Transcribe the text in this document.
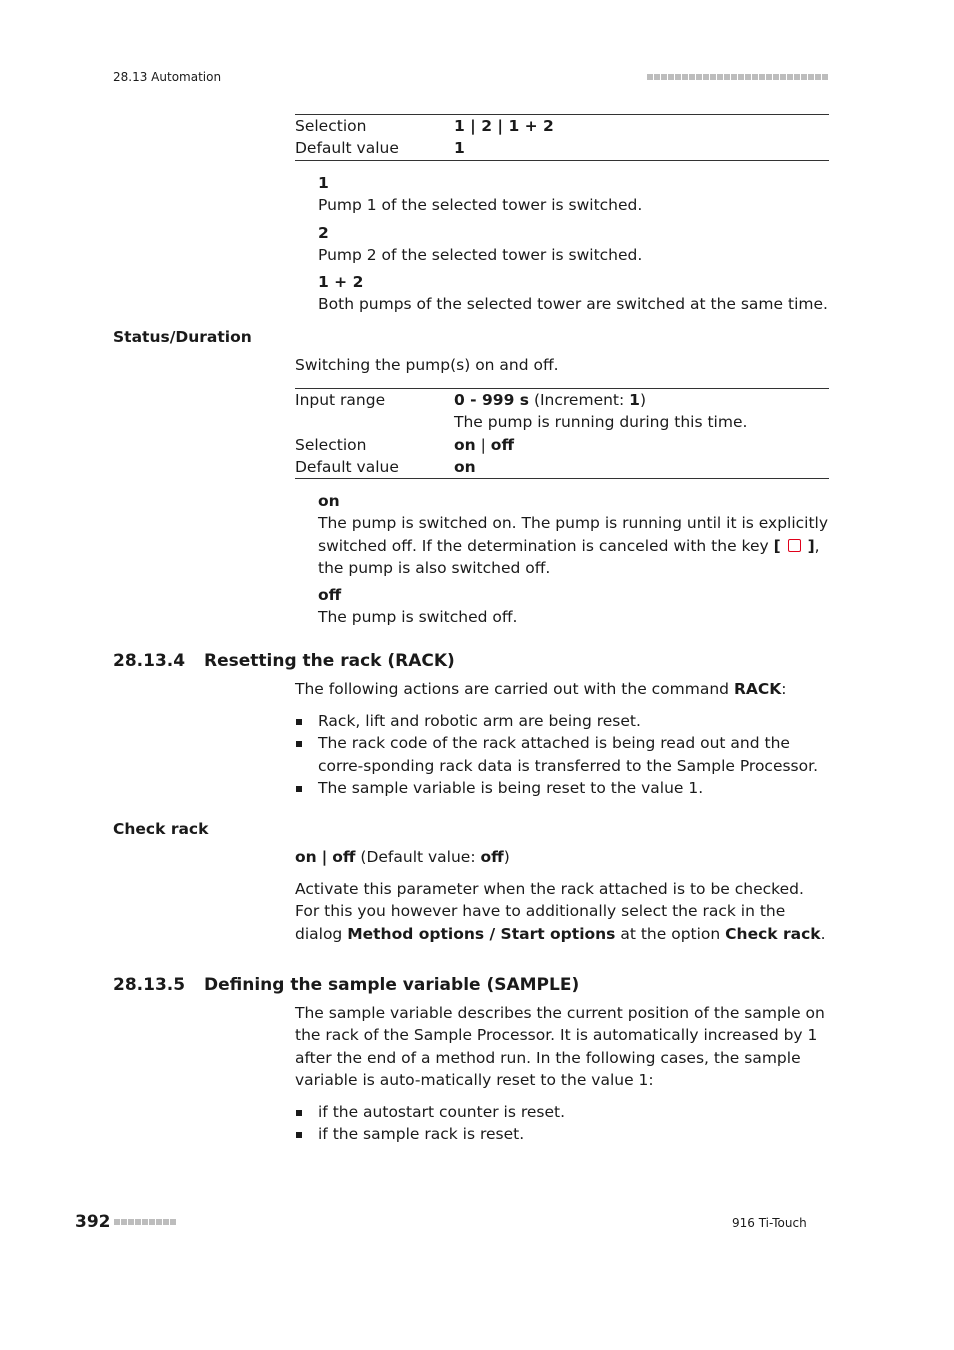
28.13 Automation
Selection	1 | 2 | 1 + 2
Default value	1

1

Pump 1 of the selected tower is switched.

2

Pump 2 of the selected tower is switched.

1 + 2

Both pumps of the selected tower are switched at the same time.

Status/Duration
Switching the pump(s) on and off.
Input range	0 - 999 s (Increment: 1)
The pump is running during this time.
Selection	on | off
Default value	on

on

The pump is switched on. The pump is running until it is explicitly switched off. If the determination is canceled with the key [ ], the pump is also switched off.

off

The pump is switched off.

28.13.4 Resetting the rack (RACK)
The following actions are carried out with the command RACK:
Rack, lift and robotic arm are being reset.
The rack code of the rack attached is being read out and the corre-sponding rack data is transferred to the Sample Processor.
The sample variable is being reset to the value 1.
Check rack
on | off (Default value: off)
Activate this parameter when the rack attached is to be checked. For this you however have to additionally select the rack in the dialog Method options / Start options at the option Check rack.
28.13.5 Defining the sample variable (SAMPLE)
The sample variable describes the current position of the sample on the rack of the Sample Processor. It is automatically increased by 1 after the end of a method run. In the following cases, the sample variable is auto-matically reset to the value 1:
if the autostart counter is reset.
if the sample rack is reset.
392	916 Ti-Touch
